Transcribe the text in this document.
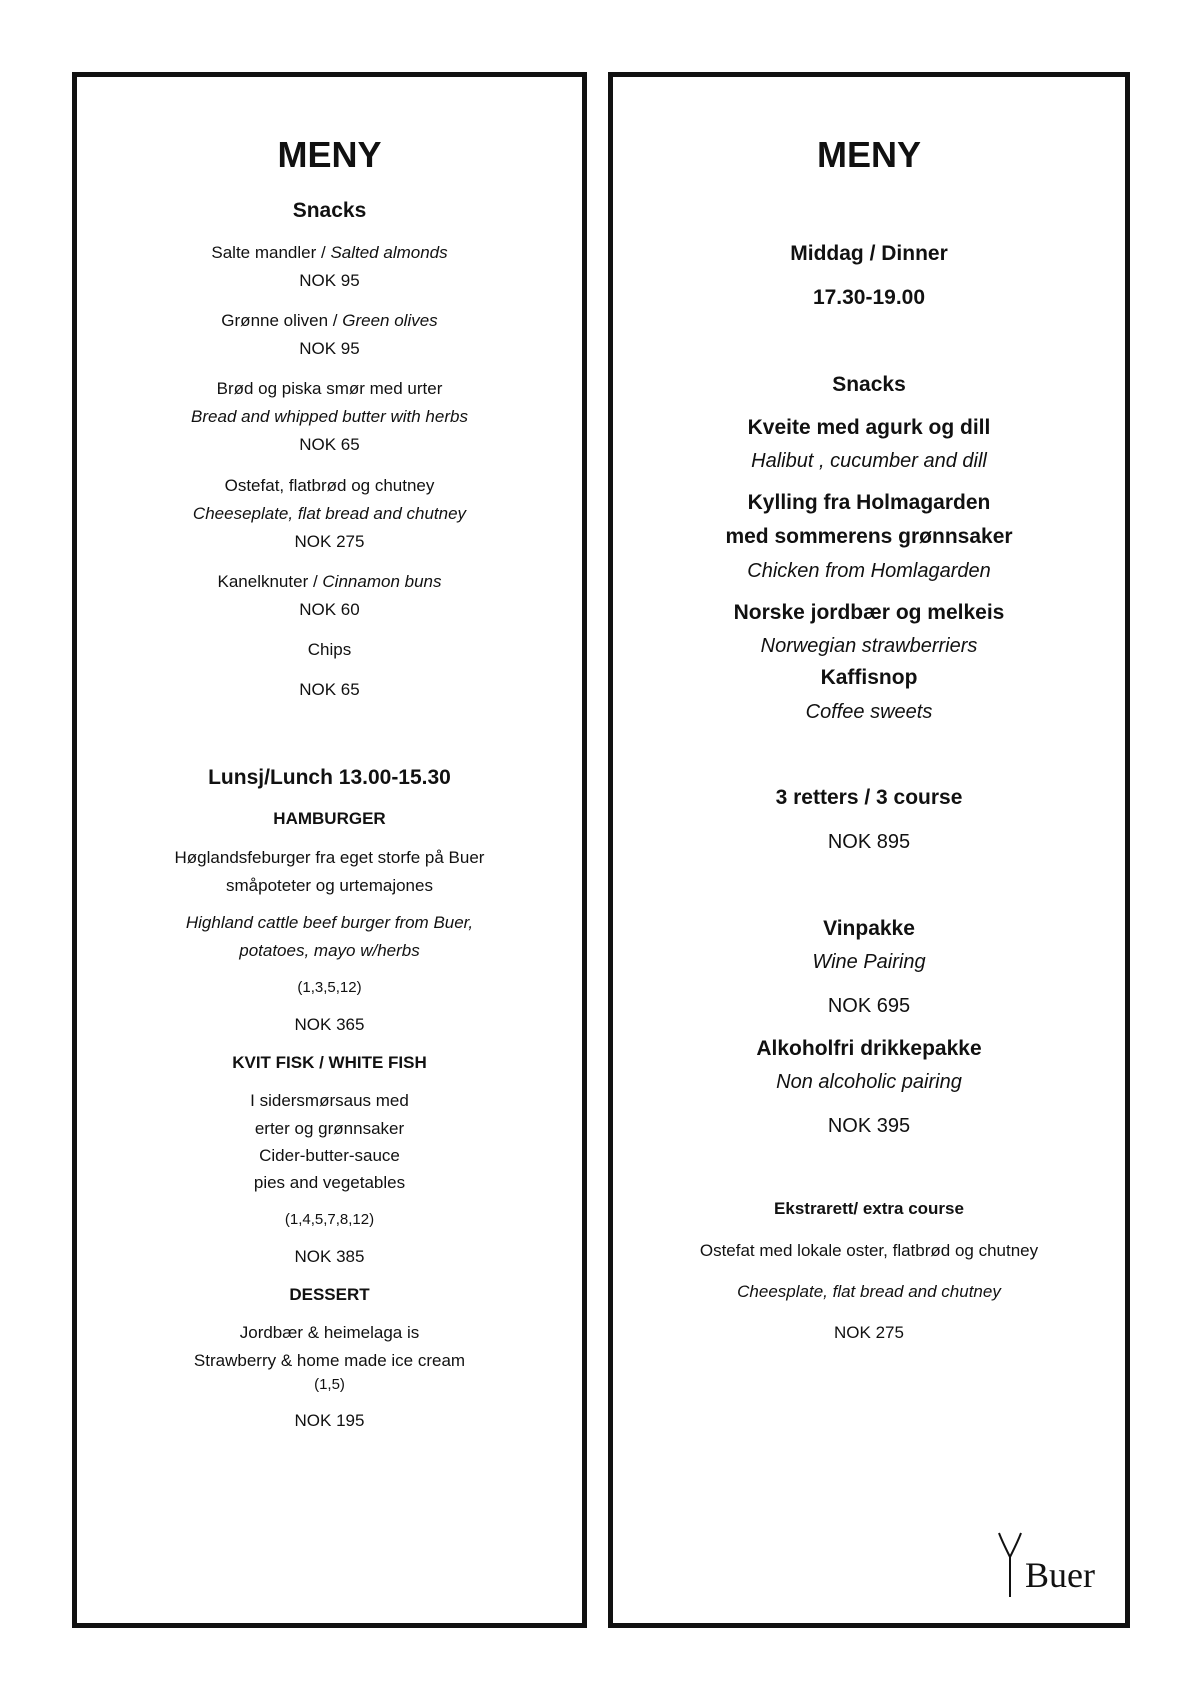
MENY

Snacks

Salte mandler / Salted almonds

NOK 95

Grønne oliven / Green olives

NOK 95

Brød og piska smør med urter

Bread and whipped butter with herbs

NOK 65

Ostefat, flatbrød og chutney

Cheeseplate, flat bread and chutney

NOK 275

Kanelknuter / Cinnamon buns

NOK 60

Chips

NOK 65

Lunsj/Lunch 13.00-15.30

HAMBURGER

Høglandsfeburger fra eget storfe på Buer

småpoteter og urtemajones

Highland cattle beef burger from Buer,

potatoes, mayo w/herbs

(1,3,5,12)

NOK 365

KVIT FISK / WHITE FISH

I sidersmørsaus med

erter og grønnsaker

Cider-butter-sauce

pies and vegetables

(1,4,5,7,8,12)

NOK 385

DESSERT

Jordbær & heimelaga is

Strawberry & home made ice cream

(1,5)

NOK 195

MENY

Middag / Dinner

17.30-19.00

Snacks

Kveite med agurk og dill

Halibut , cucumber and dill

Kylling fra Holmagarden

med sommerens grønnsaker

Chicken from Homlagarden

Norske jordbær og melkeis

Norwegian strawberriers

Kaffisnop

Coffee sweets

3 retters / 3 course

NOK 895

Vinpakke

Wine Pairing

NOK 695

Alkoholfri drikkepakke

Non alcoholic pairing

NOK 395

Ekstrarett/ extra course

Ostefat med lokale oster, flatbrød og chutney

Cheesplate, flat bread and chutney

NOK 275

Buer
